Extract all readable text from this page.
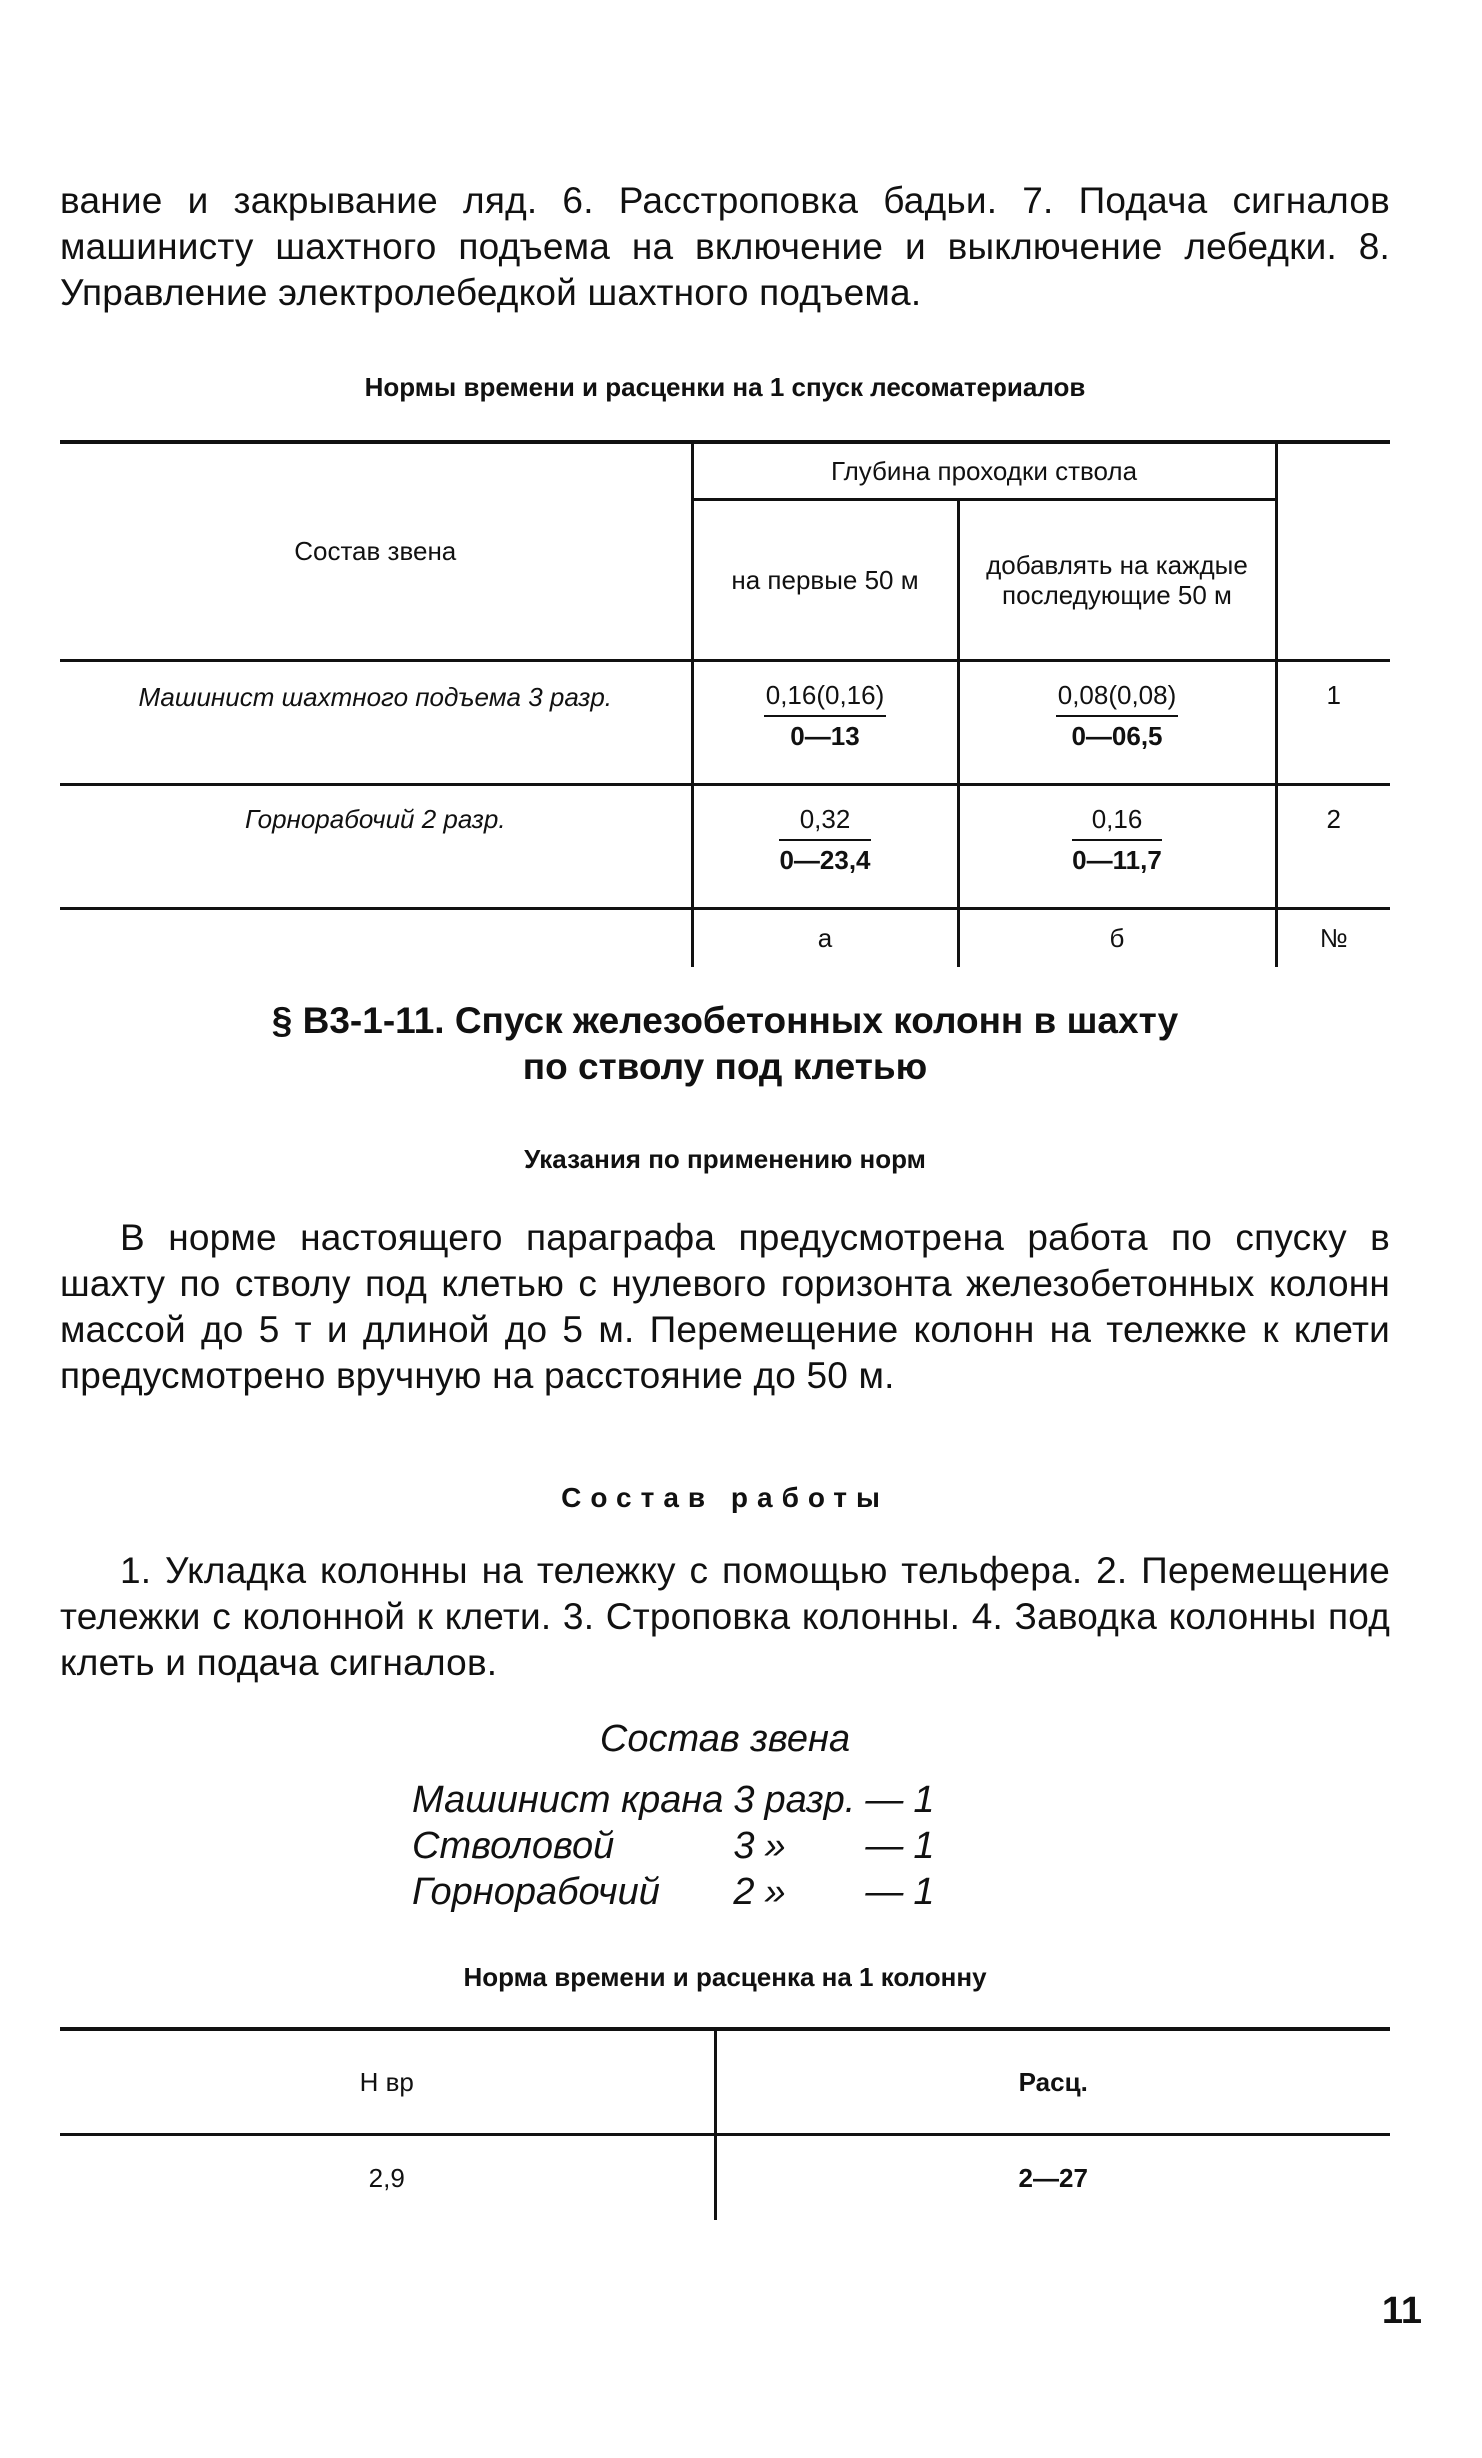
вание и закрывание ляд. 6. Расстроповка бадьи. 7. Подача сигналов машинисту шахтного подъема на включение и выключение лебедки. 8. Управление электролебедкой шахтного подъема.

Нормы времени и расценки на 1 спуск лесоматериалов

Состав звена	Глубина проходки ствола		
	на первые 50 м	добавлять на каждые последующие 50 м	
Машинист шахтного подъема 3 разр.	$\frac{0,16(0,16)}{0—13}$	$\frac{0,08(0,08)}{0—06,5}$	1
Горнорабочий 2 разр.	$\frac{0,32}{0—23,4}$	$\frac{0,16}{0—11,7}$	2
	а	б	№
§ В3-1-11. Спуск железобетонных колонн в шахту
по стволу под клетью
Указания по применению норм

В норме настоящего параграфа предусмотрена работа по спуску в шахту по стволу под клетью с нулевого горизонта железобетонных колонн массой до 5 т и длиной до 5 м. Перемещение колонн на тележке к клети предусмотрено вручную на расстояние до 50 м.

Состав работы

1. Укладка колонны на тележку с помощью тельфера. 2. Перемещение тележки с колонной к клети. 3. Строповка колонны. 4. Заводка колонны под клеть и подача сигналов.

Состав звена
Машинист крана	3	разр.	—	1
Стволовой	3	»	—	1
Горнорабочий	2	»	—	1
Норма времени и расценка на 1 колонну
Н вр	Расц.
2,9	2—27
11
